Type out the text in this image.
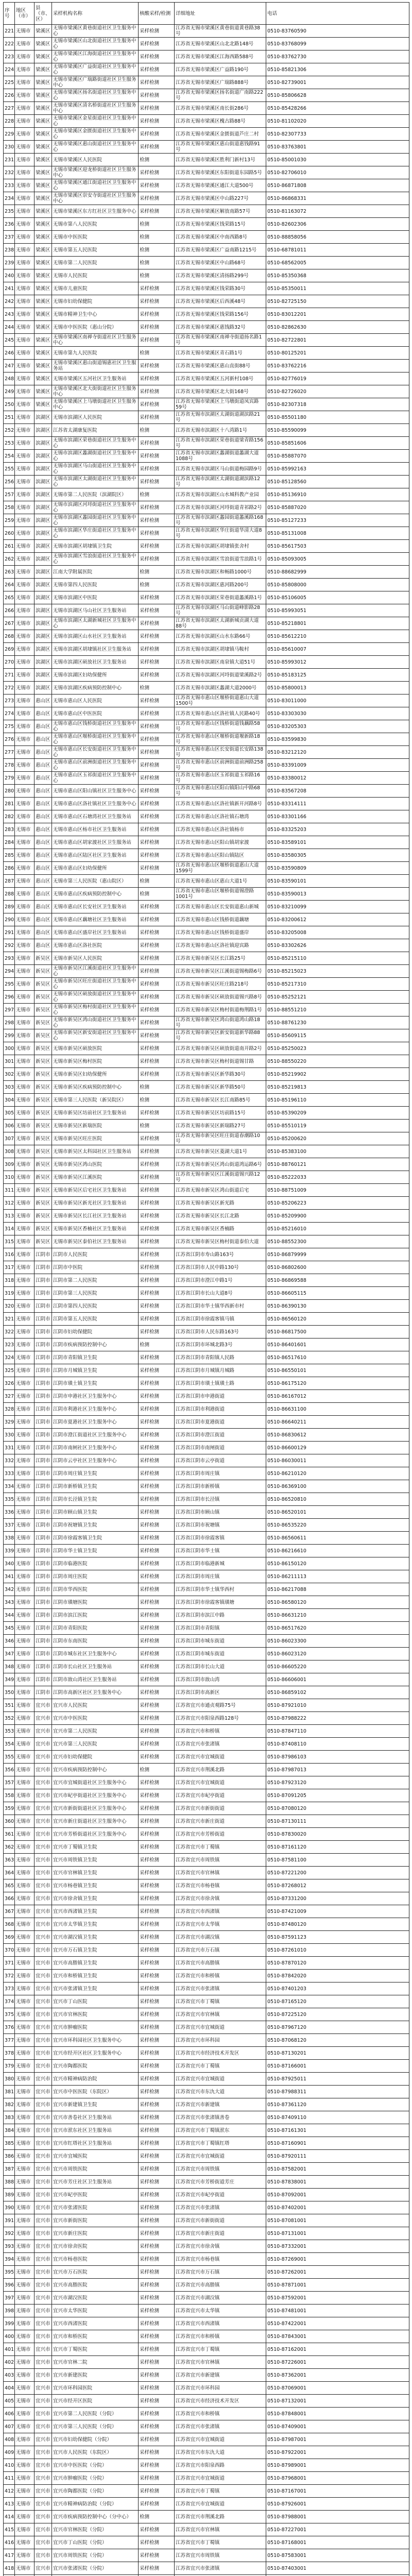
序号	地区（市）	县（市、区）	采样机构名称	核酸采样/检测	详细地址	电话
221	无锡市	梁溪区	无锡市梁溪区黄巷街道社区卫生服务中心	采样检测	江苏省无锡市梁溪区黄巷街道黄巷路38号	0510-83760590
222	无锡市	梁溪区	无锡市梁溪区山北街道社区卫生服务中心	采样检测	江苏省无锡市梁溪区山北北路148号	0510-83768099
223	无锡市	梁溪区	无锡市梁溪区江海街道社区卫生服务中心	采样检测	江苏省无锡市梁溪区江海西路588号	0510-83762730
224	无锡市	梁溪区	无锡市梁溪区广益街道社区卫生服务中心	采样检测	江苏省无锡市梁溪区广益路190号	0510-85821306
225	无锡市	梁溪区	无锡市梁溪区广瑞路街道社区卫生服务中心	采样检测	江苏省无锡市梁溪区广瑞路888号	0510-82739001
226	无锡市	梁溪区	无锡市梁溪区扬名街道社区卫生服务中心	采样检测	江苏省无锡市梁溪区扬名街道广南路222号	0510-85806628
227	无锡市	梁溪区	无锡市梁溪区清名桥街道社区卫生服务中心	采样检测	江苏省无锡市梁溪区南长街286号	0510-85428266
228	无锡市	梁溪区	无锡市梁溪区金星街道社区卫生服务中心	采样检测	江苏省无锡市梁溪区槐古路88号	0510-81102020
229	无锡市	梁溪区	无锡市梁溪区金匮街道社区卫生服务中心	采样检测	江苏省无锡市梁溪区金匮街道芦庄二村	0510-82307733
230	无锡市	梁溪区	无锡市梁溪区惠山街道社区卫生服务中心	采样检测	江苏省无锡市梁溪区惠山街道惠钱路91号	0510-83763801
231	无锡市	梁溪区	无锡市梁溪区人民医院	检测	江苏省无锡市梁溪区胜利门新村13号	0510-85001030
232	无锡市	梁溪区	无锡市梁溪区迎龙桥街道社区卫生服务中心	采样检测	江苏省无锡市梁溪区东阳街道东园路5号	0510-82706010
233	无锡市	梁溪区	无锡市梁溪区通江街道社区卫生服务中心	采样检测	江苏省无锡市梁溪区通江大道500号	0510-86871808
234	无锡市	梁溪区	无锡市梁溪区崇安寺街道社区卫生服务中心	采样检测	江苏省无锡市梁溪区中山路227号	0510-86868331
235	无锡市	梁溪区	无锡市梁溪区东方红社区卫生服务中心	采样检测	江苏省无锡市梁溪区解放南路57号	0510-81163072
236	无锡市	梁溪区	无锡市第八人民医院	检测	江苏省无锡市梁溪区钱荣路15号	0510-82602306
237	无锡市	梁溪区	无锡市中医医院	检测	江苏省无锡市梁溪区中南西路8号	0510-88858056
238	无锡市	梁溪区	无锡市第五人民医院	检测	江苏省无锡市梁溪区广益南路1215号	0510-68781011
239	无锡市	梁溪区	无锡市第二人民医院	检测	江苏省无锡市梁溪区中山路68号	0510-68562005
240	无锡市	梁溪区	无锡市人民医院	检测	江苏省无锡市梁溪区清扬路299号	0510-85350368
241	无锡市	梁溪区	无锡市儿童医院	采样检测	江苏省无锡市梁溪区钱荣路30号	0510-85350011
242	无锡市	梁溪区	无锡市妇幼保健院	采样检测	江苏省无锡市梁溪区后西溪48号	0510-82725150
243	无锡市	梁溪区	无锡市精神卫生中心	采样检测	江苏省无锡市梁溪区钱荣路156号	0510-83012201
244	无锡市	梁溪区	无锡市中医医院（惠山分院）	采样检测	江苏省无锡市梁溪区惠钱路32号	0510-82862630
245	无锡市	梁溪区	无锡市梁溪区南禅寺街道社区卫生服务中心	采样检测	江苏省无锡市梁溪区南禅寺街道扬名路1号	0510-82722801
246	无锡市	梁溪区	无锡市第九人民医院	检测	江苏省无锡市梁溪区青石路1号	0510-80125201
247	无锡市	梁溪区	无锡市梁溪区惠山街道锡惠社区卫生服务站	采样检测	江苏省无锡市梁溪区惠山直街88号	0510-83762216
248	无锡市	梁溪区	无锡市梁溪区五河社区卫生服务站	采样检测	江苏省无锡市梁溪区五河新村108号	0510-82776019
249	无锡市	梁溪区	无锡市梁溪区北大街街道社区卫生服务中心	采样检测	江苏省无锡市梁溪区北大街168号	0510-82726020
250	无锡市	梁溪区	无锡市梁溪区上马墩街道社区卫生服务中心	采样检测	江苏省无锡市梁溪区上马墩街道凤宾路59号	0510-82307318
251	无锡市	滨湖区	无锡市滨湖区人民医院	采样检测	江苏省无锡市滨湖区太湖街道湖滨路21号	0510-85501180
252	无锡市	滨湖区	江苏省太湖康复医院	检测	江苏省无锡市滨湖区十八湾路1号	0510-85590099
253	无锡市	滨湖区	无锡市滨湖区荣巷街道社区卫生服务中心	采样检测	江苏省无锡市滨湖区荣巷街道梁青路156号	0510-85851606
254	无锡市	滨湖区	无锡市滨湖区蠡湖街道社区卫生服务中心	采样检测	江苏省无锡市滨湖区蠡湖街道蠡湖大道1088号	0510-85887070
255	无锡市	滨湖区	无锡市滨湖区马山街道社区卫生服务中心	采样检测	江苏省无锡市滨湖区马山街道梅园路9号	0510-85992163
256	无锡市	滨湖区	无锡市滨湖区太湖街道社区卫生服务中心	采样检测	江苏省无锡市滨湖区太湖街道湖滨路12号	0510-85128560
257	无锡市	滨湖区	无锡市第二人民医院（滨湖院区）	检测	江苏省无锡市滨湖区山水城科教产业园	0510-85136910
258	无锡市	滨湖区	无锡市滨湖区河埒街道社区卫生服务中心	采样检测	江苏省无锡市滨湖区河埒街道青祁路2号	0510-85887020
259	无锡市	滨湖区	无锡市滨湖区蠡园街道社区卫生服务中心	采样检测	江苏省无锡市滨湖区蠡园街道蠡溪路168号	0510-85127233
260	无锡市	滨湖区	无锡市滨湖区华庄街道社区卫生服务中心	采样检测	江苏省无锡市滨湖区华庄街道华清大道8号	0510-85131008
261	无锡市	滨湖区	无锡市滨湖区胡埭镇卫生院	采样检测	江苏省无锡市滨湖区胡埭镇张舍村	0510-85617503
262	无锡市	滨湖区	无锡市滨湖区雪浪街道社区卫生服务中心	采样检测	江苏省无锡市滨湖区雪浪街道雪浪路1号	0510-85093005
263	无锡市	滨湖区	江南大学附属医院	检测	江苏省无锡市滨湖区和畅路1000号	0510-88682999
264	无锡市	滨湖区	无锡市第四人民医院	检测	江苏省无锡市滨湖区惠河路200号	0510-85808000
265	无锡市	滨湖区	无锡市滨湖区中医院	采样检测	江苏省无锡市滨湖区荣巷街道蠡溪路1号	0510-85106005
266	无锡市	滨湖区	无锡市滨湖区马山社区卫生服务站	采样检测	江苏省无锡市滨湖区马山街道峰影路28号	0510-85993051
267	无锡市	滨湖区	无锡市滨湖区太湖新城社区卫生服务中心	采样检测	江苏省无锡市滨湖区太湖新城贡湖大道88号	0510-85218801
268	无锡市	滨湖区	无锡市滨湖区山水社区卫生服务站	采样检测	江苏省无锡市滨湖区山水东路66号	0510-85612210
269	无锡市	滨湖区	无锡市滨湖区胡埭镇社区卫生服务站	采样检测	江苏省无锡市滨湖区胡埭镇马鞍村	0510-85610007
270	无锡市	滨湖区	无锡市滨湖区硕放社区卫生服务站	采样检测	江苏省无锡市滨湖区南泉镇大道51号	0510-85993012
271	无锡市	滨湖区	无锡市滨湖区妇幼保健所	采样检测	江苏省无锡市滨湖区河埒街道梁溪路2号	0510-85183125
272	无锡市	滨湖区	无锡市滨湖区疾病预防控制中心	检测	江苏省无锡市滨湖区蠡湖大道2000号	0510-85800013
273	无锡市	惠山区	无锡市惠山区人民医院	采样检测	江苏省无锡市惠山区堰桥街道惠山大道1500号	0510-83011000
274	无锡市	惠山区	无锡市惠山区中医医院	采样检测	江苏省无锡市惠山区洛社镇人民路40号	0510-83303030
275	无锡市	惠山区	无锡市惠山区钱桥街道社区卫生服务中心	采样检测	江苏省无锡市惠山区钱桥街道钱藕路58号	0510-83205303
276	无锡市	惠山区	无锡市惠山区堰桥街道社区卫生服务中心	采样检测	江苏省无锡市惠山区堰桥街道堰新路18号	0510-83599830
277	无锡市	惠山区	无锡市惠山区长安街道社区卫生服务中心	采样检测	江苏省无锡市惠山区长安街道长安路138号	0510-83212120
278	无锡市	惠山区	无锡市惠山区前洲街道社区卫生服务中心	采样检测	江苏省无锡市惠山区前洲街道前洲路258号	0510-83391009
279	无锡市	惠山区	无锡市惠山区玉祁街道社区卫生服务中心	采样检测	江苏省无锡市惠山区玉祁街道玉祁路16号	0510-83380012
280	无锡市	惠山区	无锡市惠山区阳山镇社区卫生服务中心	采样检测	江苏省无锡市惠山区阳山镇阳山中路68号	0510-83567208
281	无锡市	惠山区	无锡市惠山区洛社镇社区卫生服务中心	采样检测	江苏省无锡市惠山区洛社镇新开河路8号	0510-83314111
282	无锡市	惠山区	无锡市惠山区石塘湾社区卫生服务站	采样检测	江苏省无锡市惠山区洛社镇石塘湾	0510-83301166
283	无锡市	惠山区	无锡市惠山区杨市社区卫生服务站	采样检测	江苏省无锡市惠山区洛社镇杨市	0510-83325203
284	无锡市	惠山区	无锡市惠山区胡家渡社区卫生服务站	采样检测	江苏省无锡市惠山区阳山镇胡家渡	0510-83589101
285	无锡市	惠山区	无锡市惠山区陆区社区卫生服务站	采样检测	江苏省无锡市惠山区阳山镇陆区	0510-83580305
286	无锡市	惠山区	无锡市惠山区妇幼保健所	采样检测	江苏省无锡市惠山区堰桥街道惠山大道1599号	0510-83590809
287	无锡市	惠山区	无锡市第三人民医院（惠山院区）	检测	江苏省无锡市惠山区惠山大道1号	0510-83590101
288	无锡市	惠山区	无锡市惠山区疾病预防控制中心	检测	江苏省无锡市惠山区堰桥街道锡澄路1001号	0510-83590013
289	无锡市	惠山区	无锡市惠山区长安社区卫生服务站	采样检测	江苏省无锡市惠山区长安街道惠山新城	0510-83210099
290	无锡市	惠山区	无锡市惠山区藕塘社区卫生服务站	采样检测	江苏省无锡市惠山区钱桥街道藕塘	0510-83200612
291	无锡市	惠山区	无锡市惠山区盛岸社区卫生服务站	采样检测	江苏省无锡市惠山区钱桥街道盛岸	0510-83205008
292	无锡市	惠山区	无锡市惠山区洛社医院	采样检测	江苏省无锡市惠山区洛社镇迎宾路	0510-83302626
293	无锡市	新吴区	无锡市新吴区人民医院	采样检测	江苏省无锡市新吴区长江路25号	0510-85215110
294	无锡市	新吴区	无锡市新吴区江溪街道社区卫生服务中心	采样检测	江苏省无锡市新吴区江溪街道锡梅路6号	0510-85215023
295	无锡市	新吴区	无锡市新吴区旺庄街道社区卫生服务中心	采样检测	江苏省无锡市新吴区旺庄路218号	0510-85217310
296	无锡市	新吴区	无锡市新吴区硕放街道社区卫生服务中心	采样检测	江苏省无锡市新吴区硕放街道锡兴路8号	0510-85252121
297	无锡市	新吴区	无锡市新吴区梅村街道社区卫生服务中心	采样检测	江苏省无锡市新吴区梅村街道梅荆路1号	0510-88551210
298	无锡市	新吴区	无锡市新吴区鸿山街道社区卫生服务中心	采样检测	江苏省无锡市新吴区鸿山街道鸿山路18号	0510-88761230
299	无锡市	新吴区	无锡市新吴区新安街道社区卫生服务中心	采样检测	江苏省无锡市新吴区新安街道新华路88号	0510-85609115
300	无锡市	新吴区	无锡市新吴区硕放医院	采样检测	江苏省无锡市新吴区硕放街道南开路2号	0510-85250023
301	无锡市	新吴区	无锡市新吴区梅村医院	采样检测	江苏省无锡市新吴区梅村街道锡甘路	0510-88550220
302	无锡市	新吴区	无锡市新吴区妇幼保健所	采样检测	江苏省无锡市新吴区新华路30号	0510-85219902
303	无锡市	新吴区	无锡市新吴区疾病预防控制中心	检测	江苏省无锡市新吴区新华路50号	0510-85219813
304	无锡市	新吴区	无锡市第三人民医院（新吴院区）	检测	江苏省无锡市新吴区长江南路85号	0510-85196110
305	无锡市	新吴区	无锡市新吴区坊前社区卫生服务站	采样检测	江苏省无锡市新吴区坊前路15号	0510-85390209
306	无锡市	新吴区	无锡市新吴区新瑞医院	检测	江苏省无锡市新吴区新瑞路27号	0510-85510119
307	无锡市	新吴区	无锡市新吴区旺庄医院	采样检测	江苏省无锡市新吴区旺庄街道春潮路10号	0510-85200620
308	无锡市	新吴区	无锡市新吴区太科园社区卫生服务站	采样检测	江苏省无锡市新吴区菱湖大道1号	0510-85383100
309	无锡市	新吴区	无锡市新吴区鸿山医院	采样检测	江苏省无锡市新吴区鸿山街道鸿运路6号	0510-88760121
310	无锡市	新吴区	无锡市新吴区江溪医院	采样检测	江苏省无锡市新吴区江溪街道锡兴路12号	0510-85222033
311	无锡市	新吴区	无锡市新吴区后宅社区卫生服务站	采样检测	江苏省无锡市新吴区鸿山街道后宅	0510-88751009
312	无锡市	新吴区	无锡市新吴区新光社区卫生服务站	采样检测	江苏省无锡市新吴区新光路	0510-85206223
313	无锡市	新吴区	无锡市新吴区长江社区卫生服务站	采样检测	江苏省无锡市新吴区长江北路	0510-85209900
314	无锡市	新吴区	无锡市新吴区香楠社区卫生服务站	采样检测	江苏省无锡市新吴区香楠路	0510-85216010
315	无锡市	新吴区	无锡市新吴区泰伯社区卫生服务站	采样检测	江苏省无锡市新吴区梅村街道泰伯大道	0510-88552300
316	无锡市	江阴市	江阴市人民医院	采样检测	江苏省江阴市寿山路163号	0510-86879999
317	无锡市	江阴市	江阴市中医院	采样检测	江苏省江阴市人民中路130号	0510-86802600
318	无锡市	江阴市	江阴市第二人民医院	采样检测	江苏省江阴市澄江中路1号	0510-86869588
319	无锡市	江阴市	江阴市第三人民医院	采样检测	江苏省江阴市长山大道8号	0510-86605115
320	无锡市	江阴市	江阴市第四人民医院	采样检测	江苏省江阴市华士镇华西新市村	0510-86390130
321	无锡市	江阴市	江阴市第五人民医院	采样检测	江苏省江阴市徐霞客镇马镇	0510-86560120
322	无锡市	江阴市	江阴市妇幼保健院	采样检测	江苏省江阴市人民东路163号	0510-86817500
323	无锡市	江阴市	江阴市疾病预防控制中心	检测	江苏省江阴市环城北路3号	0510-86401601
324	无锡市	江阴市	江阴市青阳镇卫生院	采样检测	江苏省江阴市青阳镇人民路	0510-86517610
325	无锡市	江阴市	江阴市月城镇卫生院	采样检测	江苏省江阴市月城镇月城路	0510-86550101
326	无锡市	江阴市	江阴市璜土镇卫生院	采样检测	江苏省江阴市璜土镇璜土路	0510-86175120
327	无锡市	江阴市	江阴市申港社区卫生服务中心	采样检测	江苏省江阴市申港街道	0510-86167012
328	无锡市	江阴市	江阴市利港社区卫生服务中心	采样检测	江苏省江阴市利港街道	0510-86631100
329	无锡市	江阴市	江阴市夏港社区卫生服务中心	采样检测	江苏省江阴市夏港街道	0510-86640211
330	无锡市	江阴市	江阴市澄江街道社区卫生服务中心	采样检测	江苏省江阴市澄江街道	0510-86830612
331	无锡市	江阴市	江阴市南闸社区卫生服务中心	采样检测	江苏省江阴市南闸街道	0510-86600129
332	无锡市	江阴市	江阴市云亭社区卫生服务中心	采样检测	江苏省江阴市云亭街道	0510-86030011
333	无锡市	江阴市	江阴市周庄镇卫生院	采样检测	江苏省江阴市周庄镇	0510-86210120
334	无锡市	江阴市	江阴市新桥镇卫生院	采样检测	江苏省江阴市新桥镇	0510-86369100
335	无锡市	江阴市	江阴市长泾镇卫生院	采样检测	江苏省江阴市长泾镇	0510-86520810
336	无锡市	江阴市	江阴市顾山镇卫生院	采样检测	江苏省江阴市顾山镇	0510-86520101
337	无锡市	江阴市	江阴市祝塘镇卫生院	采样检测	江苏省江阴市祝塘镇	0510-86535220
338	无锡市	江阴市	江阴市徐霞客镇卫生院	采样检测	江苏省江阴市徐霞客镇	0510-86560611
339	无锡市	江阴市	江阴市华士镇卫生院	采样检测	江苏省江阴市华士镇	0510-86216610
340	无锡市	江阴市	江阴市临港医院	采样检测	江苏省江阴市临港新城	0510-86150120
341	无锡市	江阴市	江阴市周庄医院	采样检测	江苏省江阴市周庄镇	0510-86211113
342	无锡市	江阴市	江阴市华西医院	采样检测	江苏省江阴市华士镇华西村	0510-86217088
343	无锡市	江阴市	江阴市璜塘医院	采样检测	江苏省江阴市徐霞客镇璜塘	0510-86580120
344	无锡市	江阴市	江阴市滨江医院	采样检测	江苏省江阴市滨江中路	0510-86631210
345	无锡市	江阴市	江阴市青阳医院	采样检测	江苏省江阴市青阳镇	0510-86517620
346	无锡市	江阴市	江阴市东南医院	采样检测	江苏省江阴市城东街道	0510-86023300
347	无锡市	江阴市	江阴市城东社区卫生服务中心	采样检测	江苏省江阴市城东街道	0510-86023120
348	无锡市	江阴市	江阴市长山社区卫生服务站	采样检测	江苏省江阴市长山大道	0510-86605220
349	无锡市	江阴市	江阴市敔山湾社区卫生服务站	采样检测	江苏省江阴市敔山湾	0510-86606001
350	无锡市	江阴市	江阴市高新区社区卫生服务中心	采样检测	江苏省江阴市高新区	0510-86859102
351	无锡市	宜兴市	宜兴市人民医院	采样检测	江苏省宜兴市通贞观路75号	0510-87921010
352	无锡市	宜兴市	宜兴市中医医院	采样检测	江苏省宜兴市阳泉西路128号	0510-87988222
353	无锡市	宜兴市	宜兴市第二人民医院	采样检测	江苏省宜兴市和桥镇	0510-87847110
354	无锡市	宜兴市	宜兴市第三人民医院	采样检测	江苏省宜兴市张渚镇	0510-87408110
355	无锡市	宜兴市	宜兴市妇幼保健院	采样检测	江苏省宜兴市宜城街道	0510-87986103
356	无锡市	宜兴市	宜兴市疾病预防控制中心	检测	江苏省宜兴市荆溪北路	0510-87987013
357	无锡市	宜兴市	宜兴市宜城街道社区卫生服务中心	采样检测	江苏省宜兴市宜城街道	0510-87923120
358	无锡市	宜兴市	宜兴市屺亭街道社区卫生服务中心	采样检测	江苏省宜兴市屺亭街道	0510-87091205
359	无锡市	宜兴市	宜兴市新街街道社区卫生服务中心	采样检测	江苏省宜兴市新街街道	0510-87080120
360	无锡市	宜兴市	宜兴市新庄街道社区卫生服务中心	采样检测	江苏省宜兴市新庄街道	0510-87130111
361	无锡市	宜兴市	宜兴市芳桥街道社区卫生服务中心	采样检测	江苏省宜兴市芳桥街道	0510-87830020
362	无锡市	宜兴市	宜兴市丁蜀镇卫生院	采样检测	江苏省宜兴市丁蜀镇	0510-87161120
363	无锡市	宜兴市	宜兴市周铁镇卫生院	采样检测	江苏省宜兴市周铁镇	0510-87581100
364	无锡市	宜兴市	宜兴市官林镇卫生院	采样检测	江苏省宜兴市官林镇	0510-87221200
365	无锡市	宜兴市	宜兴市杨巷镇卫生院	采样检测	江苏省宜兴市杨巷镇	0510-87268012
366	无锡市	宜兴市	宜兴市徐舍镇卫生院	采样检测	江苏省宜兴市徐舍镇	0510-87331200
367	无锡市	宜兴市	宜兴市西渚镇卫生院	采样检测	江苏省宜兴市西渚镇	0510-87421009
368	无锡市	宜兴市	宜兴市太华镇卫生院	采样检测	江苏省宜兴市太华镇	0510-87480120
369	无锡市	宜兴市	宜兴市湖㳇镇卫生院	采样检测	江苏省宜兴市湖㳇镇	0510-87591123
370	无锡市	宜兴市	宜兴市万石镇卫生院	采样检测	江苏省宜兴市万石镇	0510-87261010
371	无锡市	宜兴市	宜兴市高塍镇卫生院	采样检测	江苏省宜兴市高塍镇	0510-87870120
372	无锡市	宜兴市	宜兴市和桥镇卫生院	采样检测	江苏省宜兴市和桥镇	0510-87842020
373	无锡市	宜兴市	宜兴市张渚镇卫生院	采样检测	江苏省宜兴市张渚镇	0510-87401203
374	无锡市	宜兴市	宜兴市丁山医院	采样检测	江苏省宜兴市丁蜀镇	0510-87165120
375	无锡市	宜兴市	宜兴市官林医院	采样检测	江苏省宜兴市官林镇	0510-87225120
376	无锡市	宜兴市	宜兴市肿瘤医院	采样检测	江苏省宜兴市宜城街道	0510-87967120
377	无锡市	宜兴市	宜兴市环科园社区卫生服务中心	采样检测	江苏省宜兴市环科园	0510-87068120
378	无锡市	宜兴市	宜兴市经开区社区卫生服务中心	采样检测	江苏省宜兴市经济技术开发区	0510-87130201
379	无锡市	宜兴市	宜兴市陶都医院	采样检测	江苏省宜兴市丁蜀镇	0510-87166001
380	无锡市	宜兴市	宜兴市精神病防治院	采样检测	江苏省宜兴市宜城街道	0510-87925011
381	无锡市	宜兴市	宜兴市中医医院（东院区）	采样检测	江苏省宜兴市东氿大道	0510-87988311
382	无锡市	宜兴市	宜兴市新建镇卫生院	采样检测	江苏省宜兴市新建镇	0510-87361120
383	无锡市	宜兴市	宜兴市善卷社区卫生服务站	采样检测	江苏省宜兴市张渚镇善卷	0510-87409110
384	无锡市	宜兴市	宜兴市洑东社区卫生服务站	采样检测	江苏省宜兴市丁蜀镇洑东	0510-87161301
385	无锡市	宜兴市	宜兴市红塔社区卫生服务站	采样检测	江苏省宜兴市丁蜀镇红塔	0510-87160901
386	无锡市	宜兴市	宜兴市宜城医院	采样检测	江苏省宜兴市宜城街道	0510-87920111
387	无锡市	宜兴市	宜兴市周铁医院	采样检测	江苏省宜兴市周铁镇	0510-87582001
388	无锡市	宜兴市	宜兴市芳庄社区卫生服务站	采样检测	江苏省宜兴市芳桥街道芳庄	0510-87838001
389	无锡市	宜兴市	宜兴市屺亭医院	采样检测	江苏省宜兴市屺亭街道	0510-87092001
390	无锡市	宜兴市	宜兴市张渚医院	采样检测	江苏省宜兴市张渚镇	0510-87402001
391	无锡市	宜兴市	宜兴市新街医院	采样检测	江苏省宜兴市新街街道	0510-87081001
392	无锡市	宜兴市	宜兴市新庄医院	采样检测	江苏省宜兴市新庄街道	0510-87131001
393	无锡市	宜兴市	宜兴市徐舍医院	采样检测	江苏省宜兴市徐舍镇	0510-87332001
394	无锡市	宜兴市	宜兴市杨巷医院	采样检测	江苏省宜兴市杨巷镇	0510-87269001
395	无锡市	宜兴市	宜兴市万石医院	采样检测	江苏省宜兴市万石镇	0510-87262001
396	无锡市	宜兴市	宜兴市高塍医院	采样检测	江苏省宜兴市高塍镇	0510-87871001
397	无锡市	宜兴市	宜兴市湖㳇医院	采样检测	江苏省宜兴市湖㳇镇	0510-87592001
398	无锡市	宜兴市	宜兴市太华医院	采样检测	江苏省宜兴市太华镇	0510-87481001
399	无锡市	宜兴市	宜兴市西渚医院	采样检测	江苏省宜兴市西渚镇	0510-87422001
400	无锡市	宜兴市	宜兴市和桥医院	采样检测	江苏省宜兴市和桥镇	0510-87843001
401	无锡市	宜兴市	宜兴市丁蜀医院	采样检测	江苏省宜兴市丁蜀镇	0510-87162001
402	无锡市	宜兴市	宜兴市官林二院	采样检测	江苏省宜兴市官林镇	0510-87226001
403	无锡市	宜兴市	宜兴市新建医院	采样检测	江苏省宜兴市新建镇	0510-87362001
404	无锡市	宜兴市	宜兴市环科园医院	采样检测	江苏省宜兴市环科园	0510-87069001
405	无锡市	宜兴市	宜兴市经开区医院	采样检测	江苏省宜兴市经济技术开发区	0510-87132001
406	无锡市	宜兴市	宜兴市第二人民医院（分院）	采样检测	江苏省宜兴市和桥镇	0510-87848001
407	无锡市	宜兴市	宜兴市第三人民医院（分院）	采样检测	江苏省宜兴市张渚镇	0510-87409001
408	无锡市	宜兴市	宜兴市妇幼保健院（分院）	采样检测	江苏省宜兴市宜城街道	0510-87987001
409	无锡市	宜兴市	宜兴市人民医院（东院区）	采样检测	江苏省宜兴市东氿大道	0510-87922001
410	无锡市	宜兴市	宜兴市中医医院（分院）	采样检测	江苏省宜兴市阳泉西路	0510-87989001
411	无锡市	宜兴市	宜兴市肿瘤医院（分院）	采样检测	江苏省宜兴市宜城街道	0510-87968001
412	无锡市	宜兴市	宜兴市陶都医院（分院）	采样检测	江苏省宜兴市丁蜀镇	0510-87167001
413	无锡市	宜兴市	宜兴市精神病防治院（分院）	采样检测	江苏省宜兴市宜城街道	0510-87926001
414	无锡市	宜兴市	宜兴市疾病预防控制中心（分中心）	检测	江苏省宜兴市荆溪北路	0510-87988001
415	无锡市	宜兴市	宜兴市官林医院（分院）	采样检测	江苏省宜兴市官林镇	0510-87227001
416	无锡市	宜兴市	宜兴市丁山医院（分院）	采样检测	江苏省宜兴市丁蜀镇	0510-87168001
417	无锡市	宜兴市	宜兴市周铁医院（分院）	采样检测	江苏省宜兴市周铁镇	0510-87583001
418	无锡市	宜兴市	宜兴市张渚医院（分院）	采样检测	江苏省宜兴市张渚镇	0510-87403001
